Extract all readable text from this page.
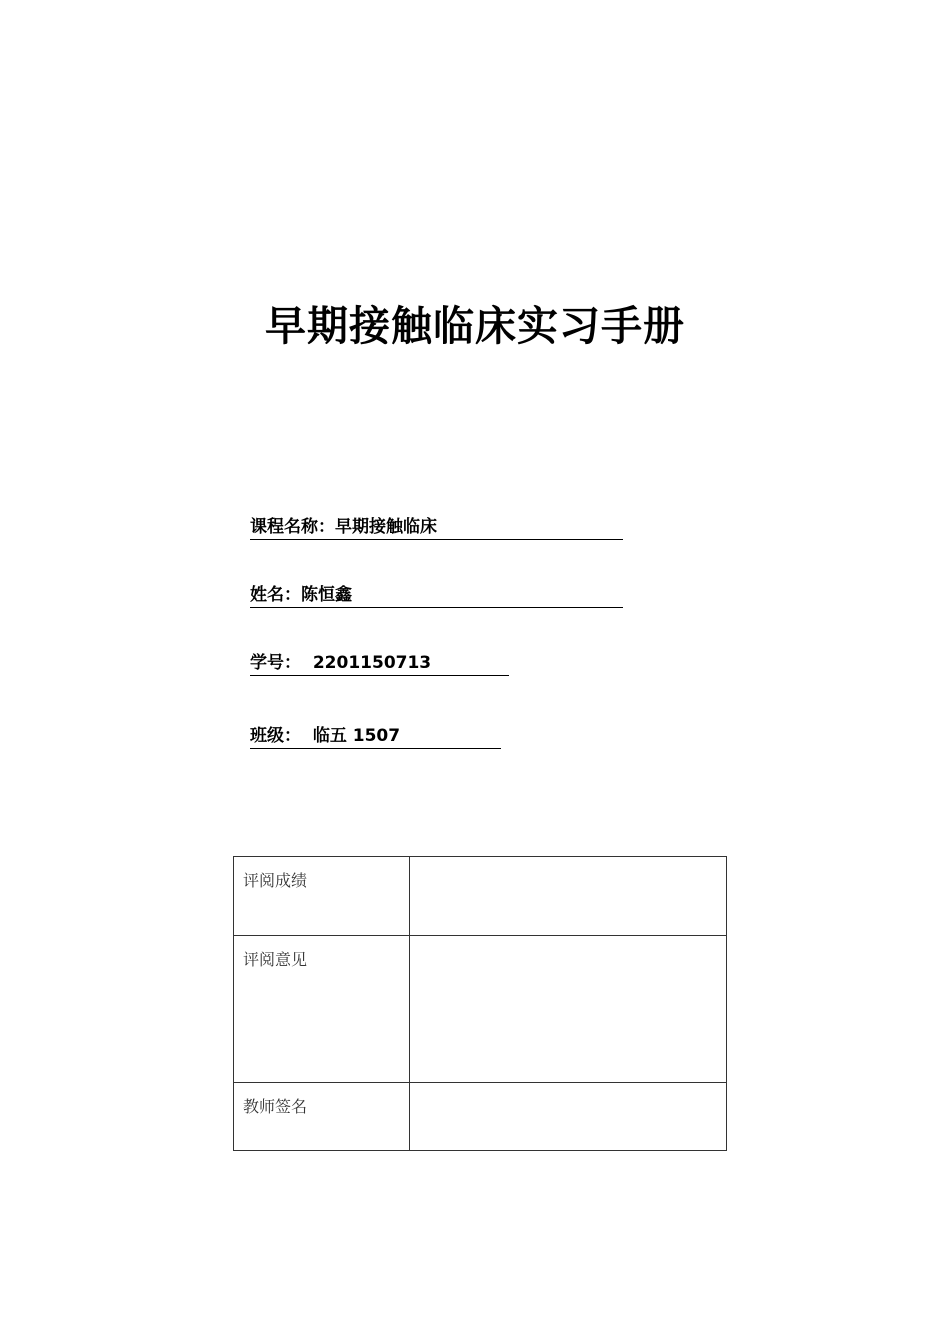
早期接触临床实习手册
课程名称：早期接触临床
姓名：陈恒鑫
学号： 2201150713
班级： 临五 1507
评阅成绩	
评阅意见	
教师签名	
